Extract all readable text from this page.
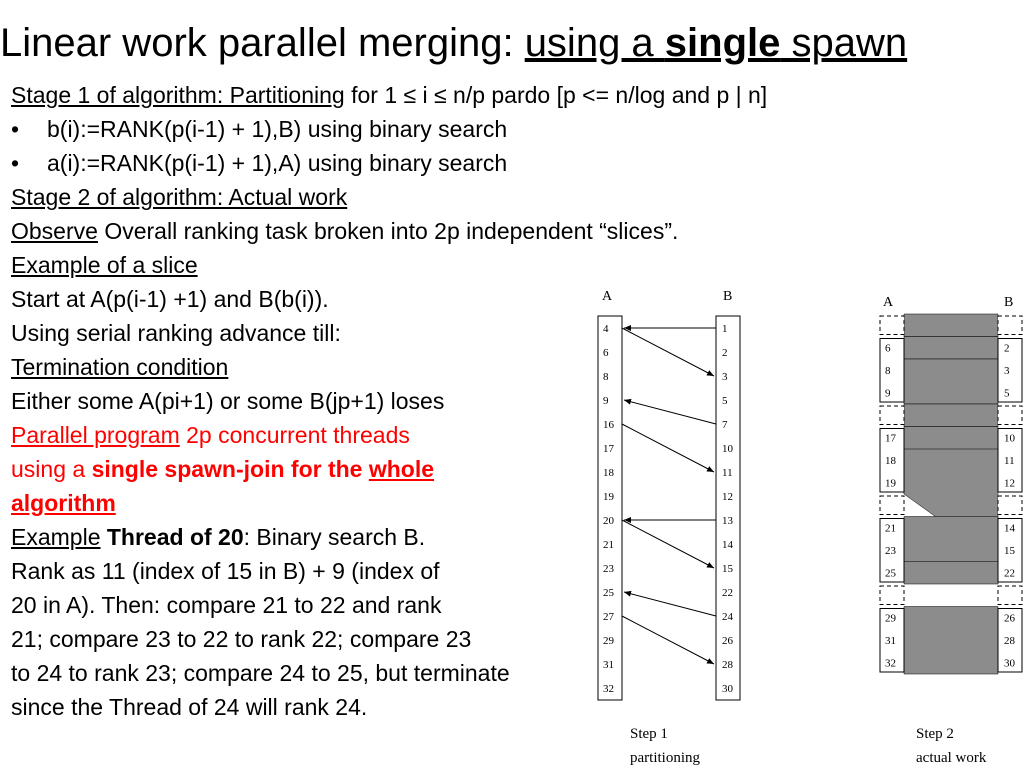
Linear work parallel merging: using a single spawn
Stage 1 of algorithm: Partitioning for 1 ≤ i ≤ n/p pardo [p <= n/log and p | n]
• b(i):=RANK(p(i-1) + 1),B) using binary search
• a(i):=RANK(p(i-1) + 1),A) using binary search
Stage 2 of algorithm: Actual work
Observe Overall ranking task broken into 2p independent “slices”.
Example of a slice
Start at A(p(i-1) +1) and B(b(i)).
Using serial ranking advance till:
Termination condition
Either some A(pi+1) or some B(jp+1) loses
Parallel program 2p concurrent threads
using a single spawn-join for the whole
algorithm
Example Thread of 20: Binary search B.
Rank as 11 (index of 15 in B) + 9 (index of
20 in A). Then: compare 21 to 22 and rank
21; compare 23 to 22 to rank 22; compare 23
to 24 to rank 23; compare 24 to 25, but terminate
since the Thread of 24 will rank 24.
A	B
4
6
8
9
16
17
18
19
20
21
23
25
27
29
31
32
1
2
3
5
7
10
11
12
13
14
15
22
24
26
28
30
Step 1
partitioning
A	B
6
8
9
17
18
19
21
23
25
29
31
32
2
3
5
10
11
12
14
15
22
26
28
30
Step 2
actual work
